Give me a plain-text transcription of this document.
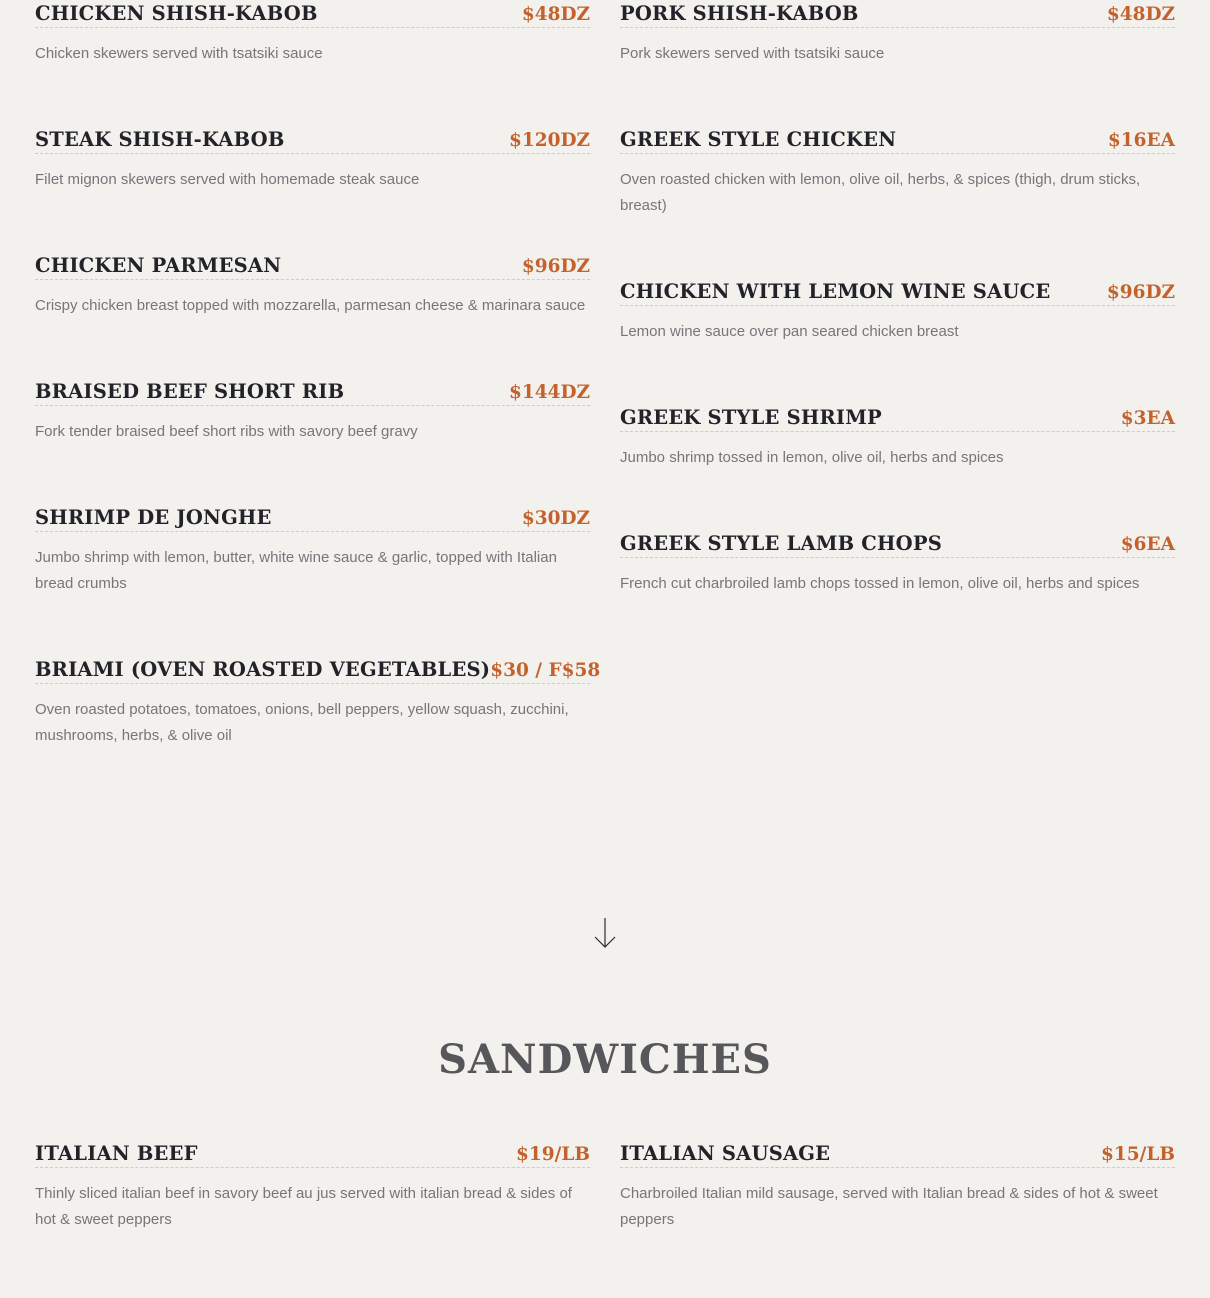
CHICKEN SHISH-KABOB	$48DZ
Chicken skewers served with tsatsiki sauce
STEAK SHISH-KABOB	$120DZ
Filet mignon skewers served with homemade steak sauce
CHICKEN PARMESAN	$96DZ
Crispy chicken breast topped with mozzarella, parmesan cheese & marinara sauce
BRAISED BEEF SHORT RIB	$144DZ
Fork tender braised beef short ribs with savory beef gravy
SHRIMP DE JONGHE	$30DZ
Jumbo shrimp with lemon, butter, white wine sauce & garlic, topped with Italian bread crumbs
BRIAMI (OVEN ROASTED VEGETABLES) $30 / F$58
Oven roasted potatoes, tomatoes, onions, bell peppers, yellow squash, zucchini, mushrooms, herbs, & olive oil
PORK SHISH-KABOB	$48DZ
Pork skewers served with tsatsiki sauce
GREEK STYLE CHICKEN	$16EA
Oven roasted chicken with lemon, olive oil, herbs, & spices (thigh, drum sticks, breast)
CHICKEN WITH LEMON WINE SAUCE	$96DZ
Lemon wine sauce over pan seared chicken breast
GREEK STYLE SHRIMP	$3EA
Jumbo shrimp tossed in lemon, olive oil, herbs and spices
GREEK STYLE LAMB CHOPS	$6EA
French cut charbroiled lamb chops tossed in lemon, olive oil, herbs and spices
SANDWICHES
ITALIAN BEEF	$19/LB
Thinly sliced italian beef in savory beef au jus served with italian bread & sides of hot & sweet peppers
ITALIAN SAUSAGE	$15/LB
Charbroiled Italian mild sausage, served with Italian bread & sides of hot & sweet peppers
